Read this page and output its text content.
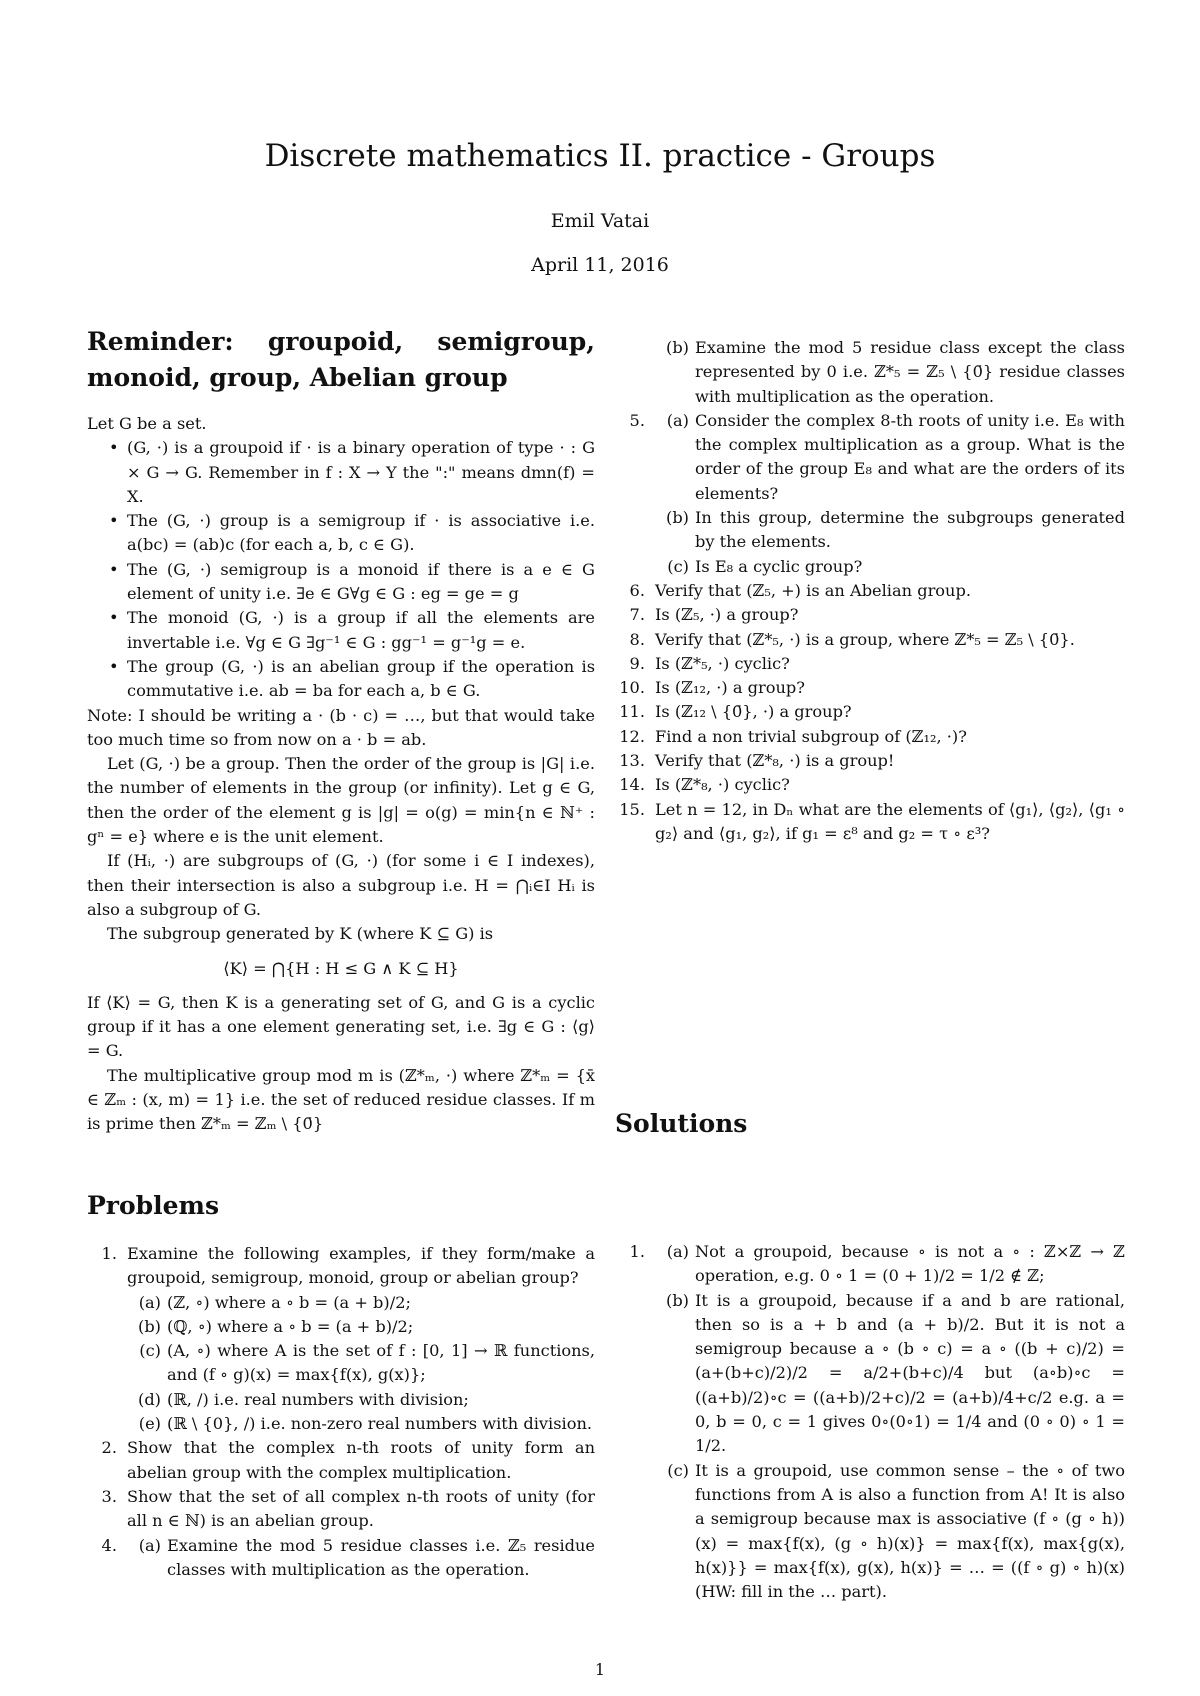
Discrete mathematics II. practice - Groups
Emil Vatai
April 11, 2016
Reminder: groupoid, semigroup, monoid, group, Abelian group

Let G be a set.

• (G, ·) is a groupoid if · is a binary operation of type · : G × G → G. Remember in f : X → Y the ":" means dmn(f) = X.
• The (G, ·) group is a semigroup if · is associative i.e. a(bc) = (ab)c (for each a, b, c ∈ G).
• The (G, ·) semigroup is a monoid if there is a e ∈ G element of unity i.e. ∃e ∈ G∀g ∈ G : eg = ge = g
• The monoid (G, ·) is a group if all the elements are invertable i.e. ∀g ∈ G ∃g⁻¹ ∈ G : gg⁻¹ = g⁻¹g = e.
• The group (G, ·) is an abelian group if the operation is commutative i.e. ab = ba for each a, b ∈ G.

Note: I should be writing a · (b · c) = …, but that would take too much time so from now on a · b = ab.

Let (G, ·) be a group. Then the order of the group is |G| i.e. the number of elements in the group (or infinity). Let g ∈ G, then the order of the element g is |g| = o(g) = min{n ∈ ℕ⁺ : gⁿ = e} where e is the unit element.

If (Hᵢ, ·) are subgroups of (G, ·) (for some i ∈ I indexes), then their intersection is also a subgroup i.e. H = ⋂ᵢ∈I Hᵢ is also a subgroup of G.

The subgroup generated by K (where K ⊆ G) is

⟨K⟩ = ⋂{H : H ≤ G ∧ K ⊆ H}

If ⟨K⟩ = G, then K is a generating set of G, and G is a cyclic group if it has a one element generating set, i.e. ∃g ∈ G : ⟨g⟩ = G.

The multiplicative group mod m is (ℤ*ₘ, ·) where ℤ*ₘ = {x̄ ∈ ℤₘ : (x, m) = 1} i.e. the set of reduced residue classes. If m is prime then ℤ*ₘ = ℤₘ \ {0̄}

Problems
1. Examine the following examples, if they form/make a groupoid, semigroup, monoid, group or abelian group?
(a) (ℤ, ∘) where a ∘ b = (a + b)/2;
(b) (ℚ, ∘) where a ∘ b = (a + b)/2;
(c) (A, ∘) where A is the set of f : [0, 1] → ℝ functions, and (f ∘ g)(x) = max{f(x), g(x)};
(d) (ℝ, /) i.e. real numbers with division;
(e) (ℝ \ {0}, /) i.e. non-zero real numbers with division.
2. Show that the complex n-th roots of unity form an abelian group with the complex multiplication.
3. Show that the set of all complex n-th roots of unity (for all n ∈ ℕ) is an abelian group.
4.	(a) Examine the mod 5 residue classes i.e. ℤ₅ residue classes with multiplication as the operation.
(b) Examine the mod 5 residue class except the class represented by 0 i.e. ℤ*₅ = ℤ₅ \ {0̄} residue classes with multiplication as the operation.
5.	(a) Consider the complex 8-th roots of unity i.e. E₈ with the complex multiplication as a group. What is the order of the group E₈ and what are the orders of its elements?
(b) In this group, determine the subgroups generated by the elements.
(c) Is E₈ a cyclic group?
6. Verify that (ℤ₅, +) is an Abelian group.
7. Is (ℤ₅, ·) a group?
8. Verify that (ℤ*₅, ·) is a group, where ℤ*₅ = ℤ₅ \ {0̄}.
9. Is (ℤ*₅, ·) cyclic?
10. Is (ℤ₁₂, ·) a group?
11. Is (ℤ₁₂ \ {0̄}, ·) a group?
12. Find a non trivial subgroup of (ℤ₁₂, ·)?
13. Verify that (ℤ*₈, ·) is a group!
14. Is (ℤ*₈, ·) cyclic?
15. Let n = 12, in Dₙ what are the elements of ⟨g₁⟩, ⟨g₂⟩, ⟨g₁ ∘ g₂⟩ and ⟨g₁, g₂⟩, if g₁ = ε⁸ and g₂ = τ ∘ ε³?
Solutions
1.	(a) Not a groupoid, because ∘ is not a ∘ : ℤ×ℤ → ℤ operation, e.g. 0 ∘ 1 = (0 + 1)/2 = 1/2 ∉ ℤ;
(b) It is a groupoid, because if a and b are rational, then so is a + b and (a + b)/2. But it is not a semigroup because a ∘ (b ∘ c) = a ∘ ((b + c)/2) = (a+(b+c)/2)/2 = a/2+(b+c)/4 but (a∘b)∘c = ((a+b)/2)∘c = ((a+b)/2+c)/2 = (a+b)/4+c/2 e.g. a = 0, b = 0, c = 1 gives 0∘(0∘1) = 1/4 and (0 ∘ 0) ∘ 1 = 1/2.
(c) It is a groupoid, use common sense – the ∘ of two functions from A is also a function from A! It is also a semigroup because max is associative (f ∘ (g ∘ h))(x) = max{f(x), (g ∘ h)(x)} = max{f(x), max{g(x), h(x)}} = max{f(x), g(x), h(x)} = … = ((f ∘ g) ∘ h)(x) (HW: fill in the … part).
1
